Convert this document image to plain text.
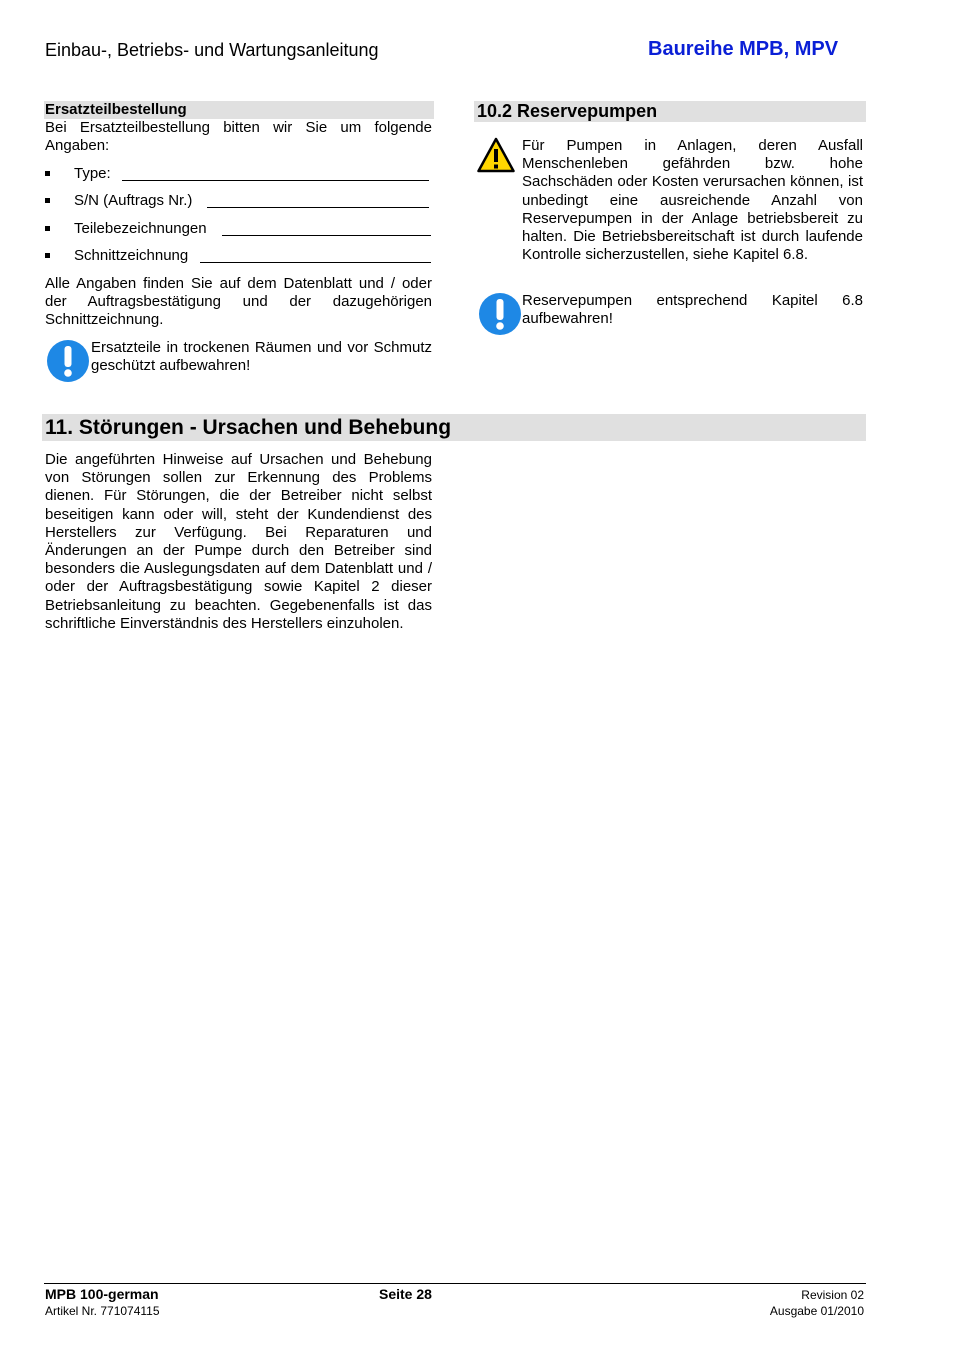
Einbau-, Betriebs- und Wartungsanleitung	Baureihe MPB, MPV
Ersatzteilbestellung
Bei Ersatzteilbestellung bitten wir Sie um folgende Angaben:
Type:
S/N (Auftrags Nr.)
Teilebezeichnungen
Schnittzeichnung
Alle Angaben finden Sie auf dem Datenblatt und / oder der Auftragsbestätigung und der dazugehörigen Schnittzeichnung.
Ersatzteile in trockenen Räumen und vor Schmutz geschützt aufbewahren!
10.2 Reservepumpen
Für Pumpen in Anlagen, deren Ausfall Menschenleben gefährden bzw. hohe Sachschäden oder Kosten verursachen können, ist unbedingt eine ausreichende Anzahl von Reservepumpen in der Anlage betriebsbereit zu halten. Die Betriebsbereitschaft ist durch laufende Kontrolle sicherzustellen, siehe Kapitel 6.8.
Reservepumpen entsprechend Kapitel 6.8 aufbewahren!
11. Störungen - Ursachen und Behebung
Die angeführten Hinweise auf Ursachen und Behebung von Störungen sollen zur Erkennung des Problems dienen. Für Störungen, die der Betreiber nicht selbst beseitigen kann oder will, steht der Kundendienst des Herstellers zur Verfügung. Bei Reparaturen und Änderungen an der Pumpe durch den Betreiber sind besonders die Auslegungsdaten auf dem Datenblatt und / oder der Auftragsbestätigung sowie Kapitel 2 dieser Betriebsanleitung zu beachten. Gegebenenfalls ist das schriftliche Einverständnis des Herstellers einzuholen.
MPB 100-german
Artikel Nr. 771074115
Seite 28	Revision 02
Ausgabe 01/2010
